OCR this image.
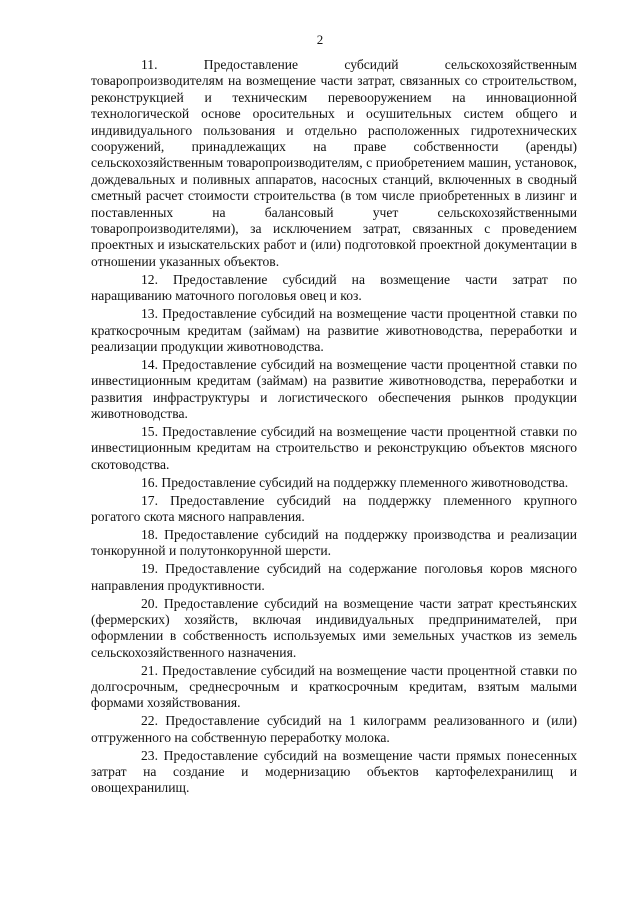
2

11. Предоставление субсидий сельскохозяйственным товаропроизводителям на возмещение части затрат, связанных со строительством, реконструкцией и техническим перевооружением на инновационной технологической основе оросительных и осушительных систем общего и индивидуального пользования и отдельно расположенных гидротехнических сооружений, принадлежащих на праве собственности (аренды) сельскохозяйственным товаропроизводителям, с приобретением машин, установок, дождевальных и поливных аппаратов, насосных станций, включенных в сводный сметный расчет стоимости строительства (в том числе приобретенных в лизинг и поставленных на балансовый учет сельскохозяйственными товаропроизводителями), за исключением затрат, связанных с проведением проектных и изыскательских работ и (или) подготовкой проектной документации в отношении указанных объектов.

12. Предоставление субсидий на возмещение части затрат по наращиванию маточного поголовья овец и коз.

13. Предоставление субсидий на возмещение части процентной ставки по краткосрочным кредитам (займам) на развитие животноводства, переработки и реализации продукции животноводства.

14. Предоставление субсидий на возмещение части процентной ставки по инвестиционным кредитам (займам) на развитие животноводства, переработки и развития инфраструктуры и логистического обеспечения рынков продукции животноводства.

15. Предоставление субсидий на возмещение части процентной ставки по инвестиционным кредитам на строительство и реконструкцию объектов мясного скотоводства.

16. Предоставление субсидий на поддержку племенного животноводства.

17. Предоставление субсидий на поддержку племенного крупного рогатого скота мясного направления.

18. Предоставление субсидий на поддержку производства и реализации тонкорунной и полутонкорунной шерсти.

19. Предоставление субсидий на содержание поголовья коров мясного направления продуктивности.

20. Предоставление субсидий на возмещение части затрат крестьянских (фермерских) хозяйств, включая индивидуальных предпринимателей, при оформлении в собственность используемых ими земельных участков из земель сельскохозяйственного назначения.

21. Предоставление субсидий на возмещение части процентной ставки по долгосрочным, среднесрочным и краткосрочным кредитам, взятым малыми формами хозяйствования.

22. Предоставление субсидий на 1 килограмм реализованного и (или) отгруженного на собственную переработку молока.

23. Предоставление субсидий на возмещение части прямых понесенных затрат на создание и модернизацию объектов картофелехранилищ и овощехранилищ.
